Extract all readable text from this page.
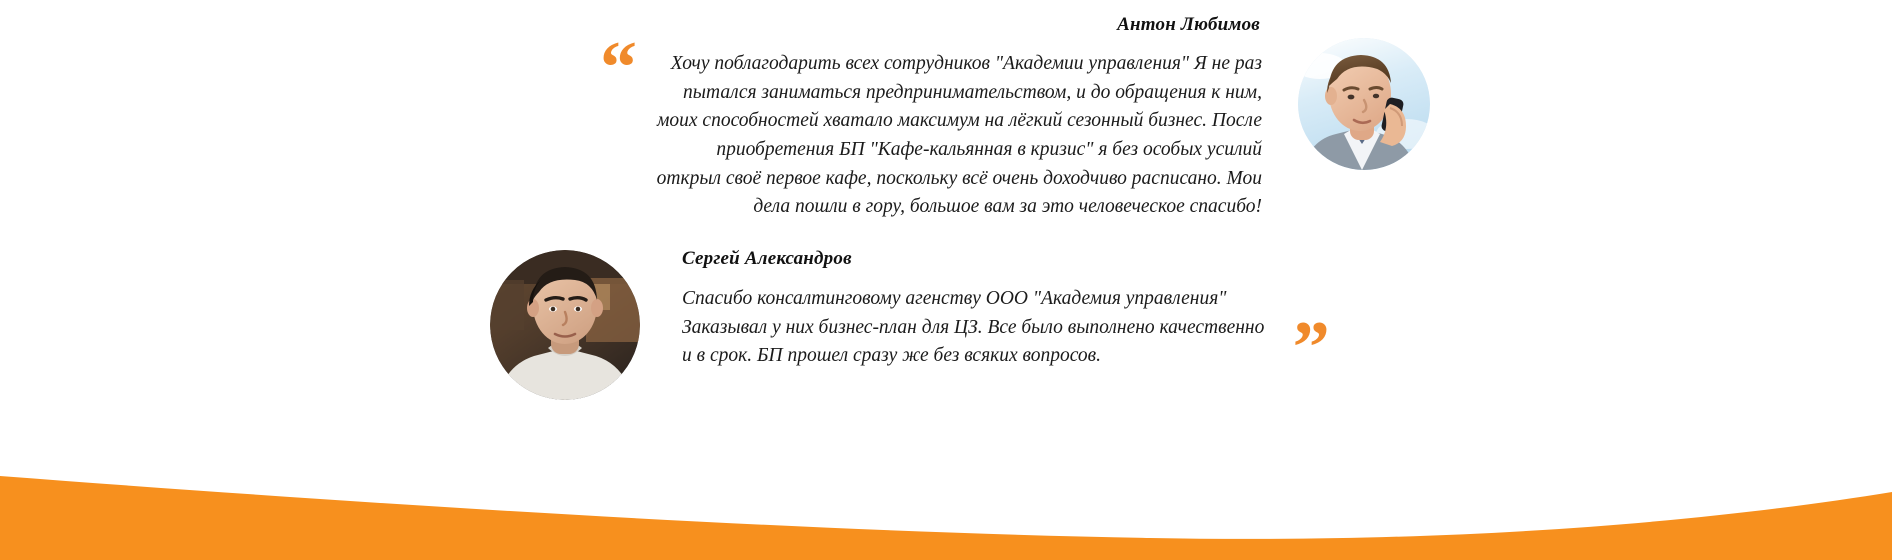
“
Антон Любимов

Хочу поблагодарить всех сотрудников "Академии управления" Я не раз пытался заниматься предпринимательством, и до обращения к ним, моих способностей хватало максимум на лёгкий сезонный бизнес. После приобретения БП "Кафе-кальянная в кризис" я без особых усилий открыл своё первое кафе, поскольку всё очень доходчиво расписано. Мои дела пошли в гору, большое вам за это человеческое спасибо!

Сергей Александров

Спасибо консалтинговому агенству ООО "Академия управления" Заказывал у них бизнес-план для ЦЗ. Все было выполнено качественно и в срок. БП прошел сразу же без всяких вопросов.	“
